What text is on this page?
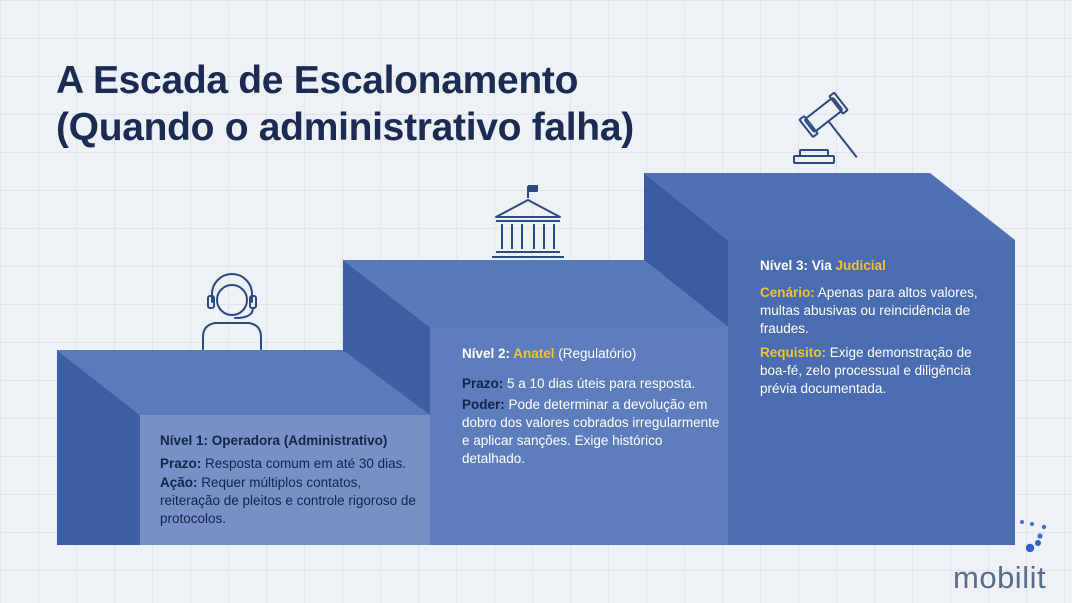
A Escada de Escalonamento
(Quando o administrativo falha)
Nível 1: Operadora (Administrativo)

Prazo: Resposta comum em até 30 dias.

Ação: Requer múltiplos contatos, reiteração de pleitos e controle rigoroso de protocolos.

Nível 2: Anatel (Regulatório)

Prazo: 5 a 10 dias úteis para resposta.

Poder: Pode determinar a devolução em dobro dos valores cobrados irregularmente e aplicar sanções. Exige histórico detalhado.

Nível 3: Via Judicial

Cenário: Apenas para altos valores, multas abusivas ou reincidência de fraudes.

Requisito: Exige demonstração de boa-fé, zelo processual e diligência prévia documentada.

mobilit
